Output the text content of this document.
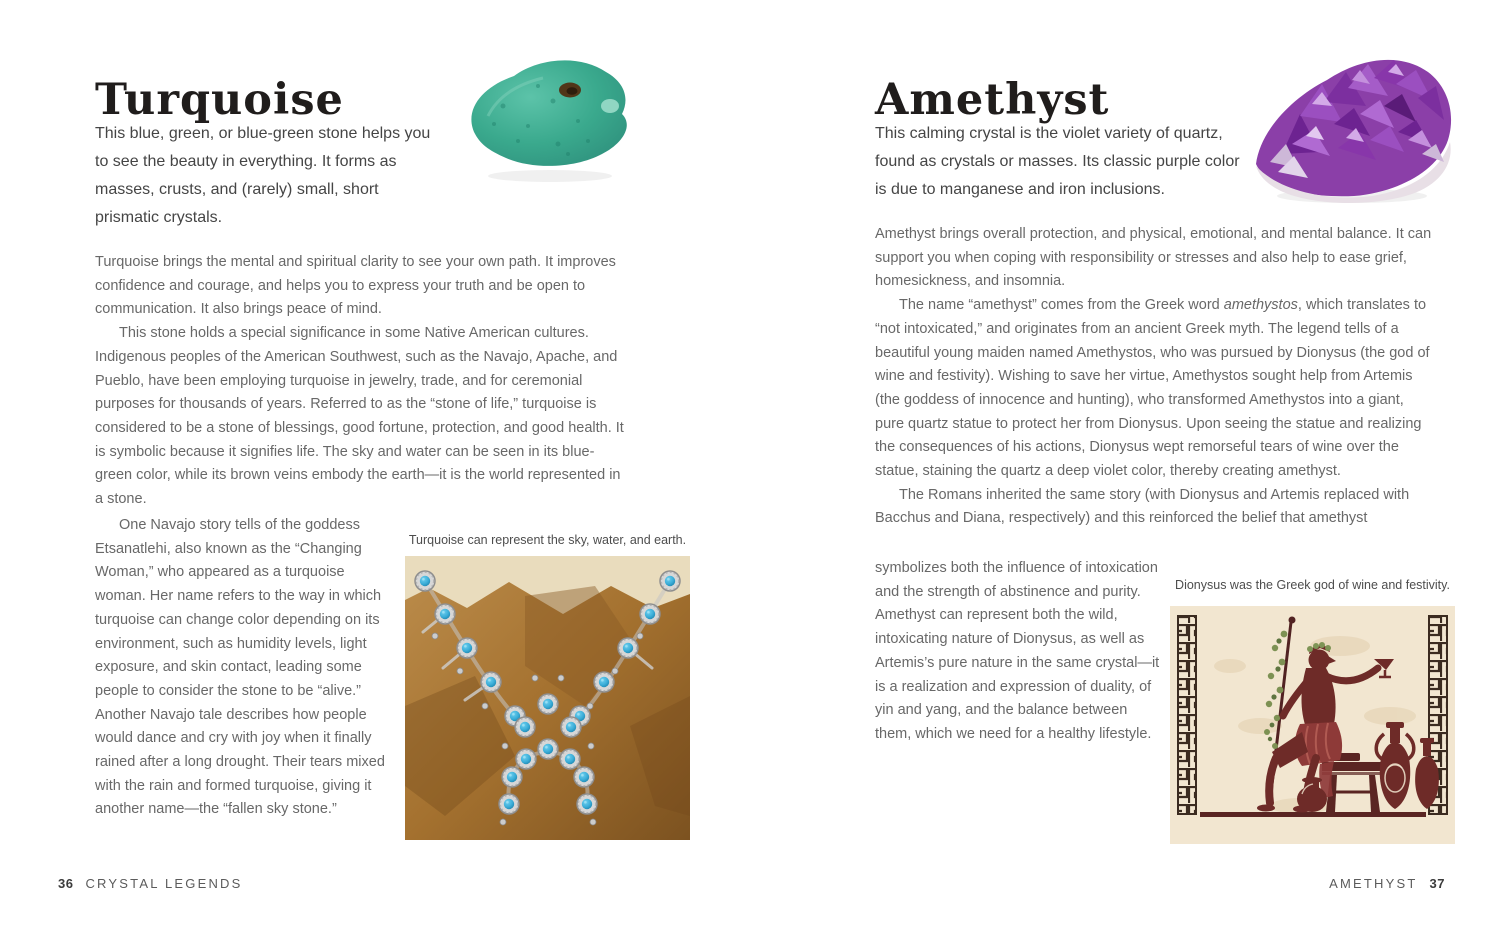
Turquoise
This blue, green, or blue-green stone helps you to see the beauty in everything. It forms as masses, crusts, and (rarely) small, short prismatic crystals.

Turquoise brings the mental and spiritual clarity to see your own path. It improves confidence and courage, and helps you to express your truth and be open to communication. It also brings peace of mind.

This stone holds a special significance in some Native American cultures. Indigenous peoples of the American Southwest, such as the Navajo, Apache, and Pueblo, have been employing turquoise in jewelry, trade, and for ceremonial purposes for thousands of years. Referred to as the “stone of life,” turquoise is considered to be a stone of blessings, good fortune, protection, and good health. It is symbolic because it signifies life. The sky and water can be seen in its blue-green color, while its brown veins embody the earth—it is the world represented in a stone.

One Navajo story tells of the goddess Etsanatlehi, also known as the “Changing Woman,” who appeared as a turquoise woman. Her name refers to the way in which turquoise can change color depending on its environment, such as humidity levels, light exposure, and skin contact, leading some people to consider the stone to be “alive.” Another Navajo tale describes how people would dance and cry with joy when it finally rained after a long drought. Their tears mixed with the rain and formed turquoise, giving it another name—the “fallen sky stone.”

Turquoise can represent the sky, water, and earth.
36 CRYSTAL LEGENDS
Amethyst
This calming crystal is the violet variety of quartz, found as crystals or masses. Its classic purple color is due to manganese and iron inclusions.

Amethyst brings overall protection, and physical, emotional, and mental balance. It can support you when coping with responsibility or stresses and also help to ease grief, homesickness, and insomnia.

The name “amethyst” comes from the Greek word amethystos, which translates to “not intoxicated,” and originates from an ancient Greek myth. The legend tells of a beautiful young maiden named Amethystos, who was pursued by Dionysus (the god of wine and festivity). Wishing to save her virtue, Amethystos sought help from Artemis (the goddess of innocence and hunting), who transformed Amethystos into a giant, pure quartz statue to protect her from Dionysus. Upon seeing the statue and realizing the consequences of his actions, Dionysus wept remorseful tears of wine over the statue, staining the quartz a deep violet color, thereby creating amethyst.

The Romans inherited the same story (with Dionysus and Artemis replaced with Bacchus and Diana, respectively) and this reinforced the belief that amethyst

symbolizes both the influence of intoxication and the strength of abstinence and purity. Amethyst can represent both the wild, intoxicating nature of Dionysus, as well as Artemis’s pure nature in the same crystal—it is a realization and expression of duality, of yin and yang, and the balance between them, which we need for a healthy lifestyle.

Dionysus was the Greek god of wine and festivity.
AMETHYST 37
